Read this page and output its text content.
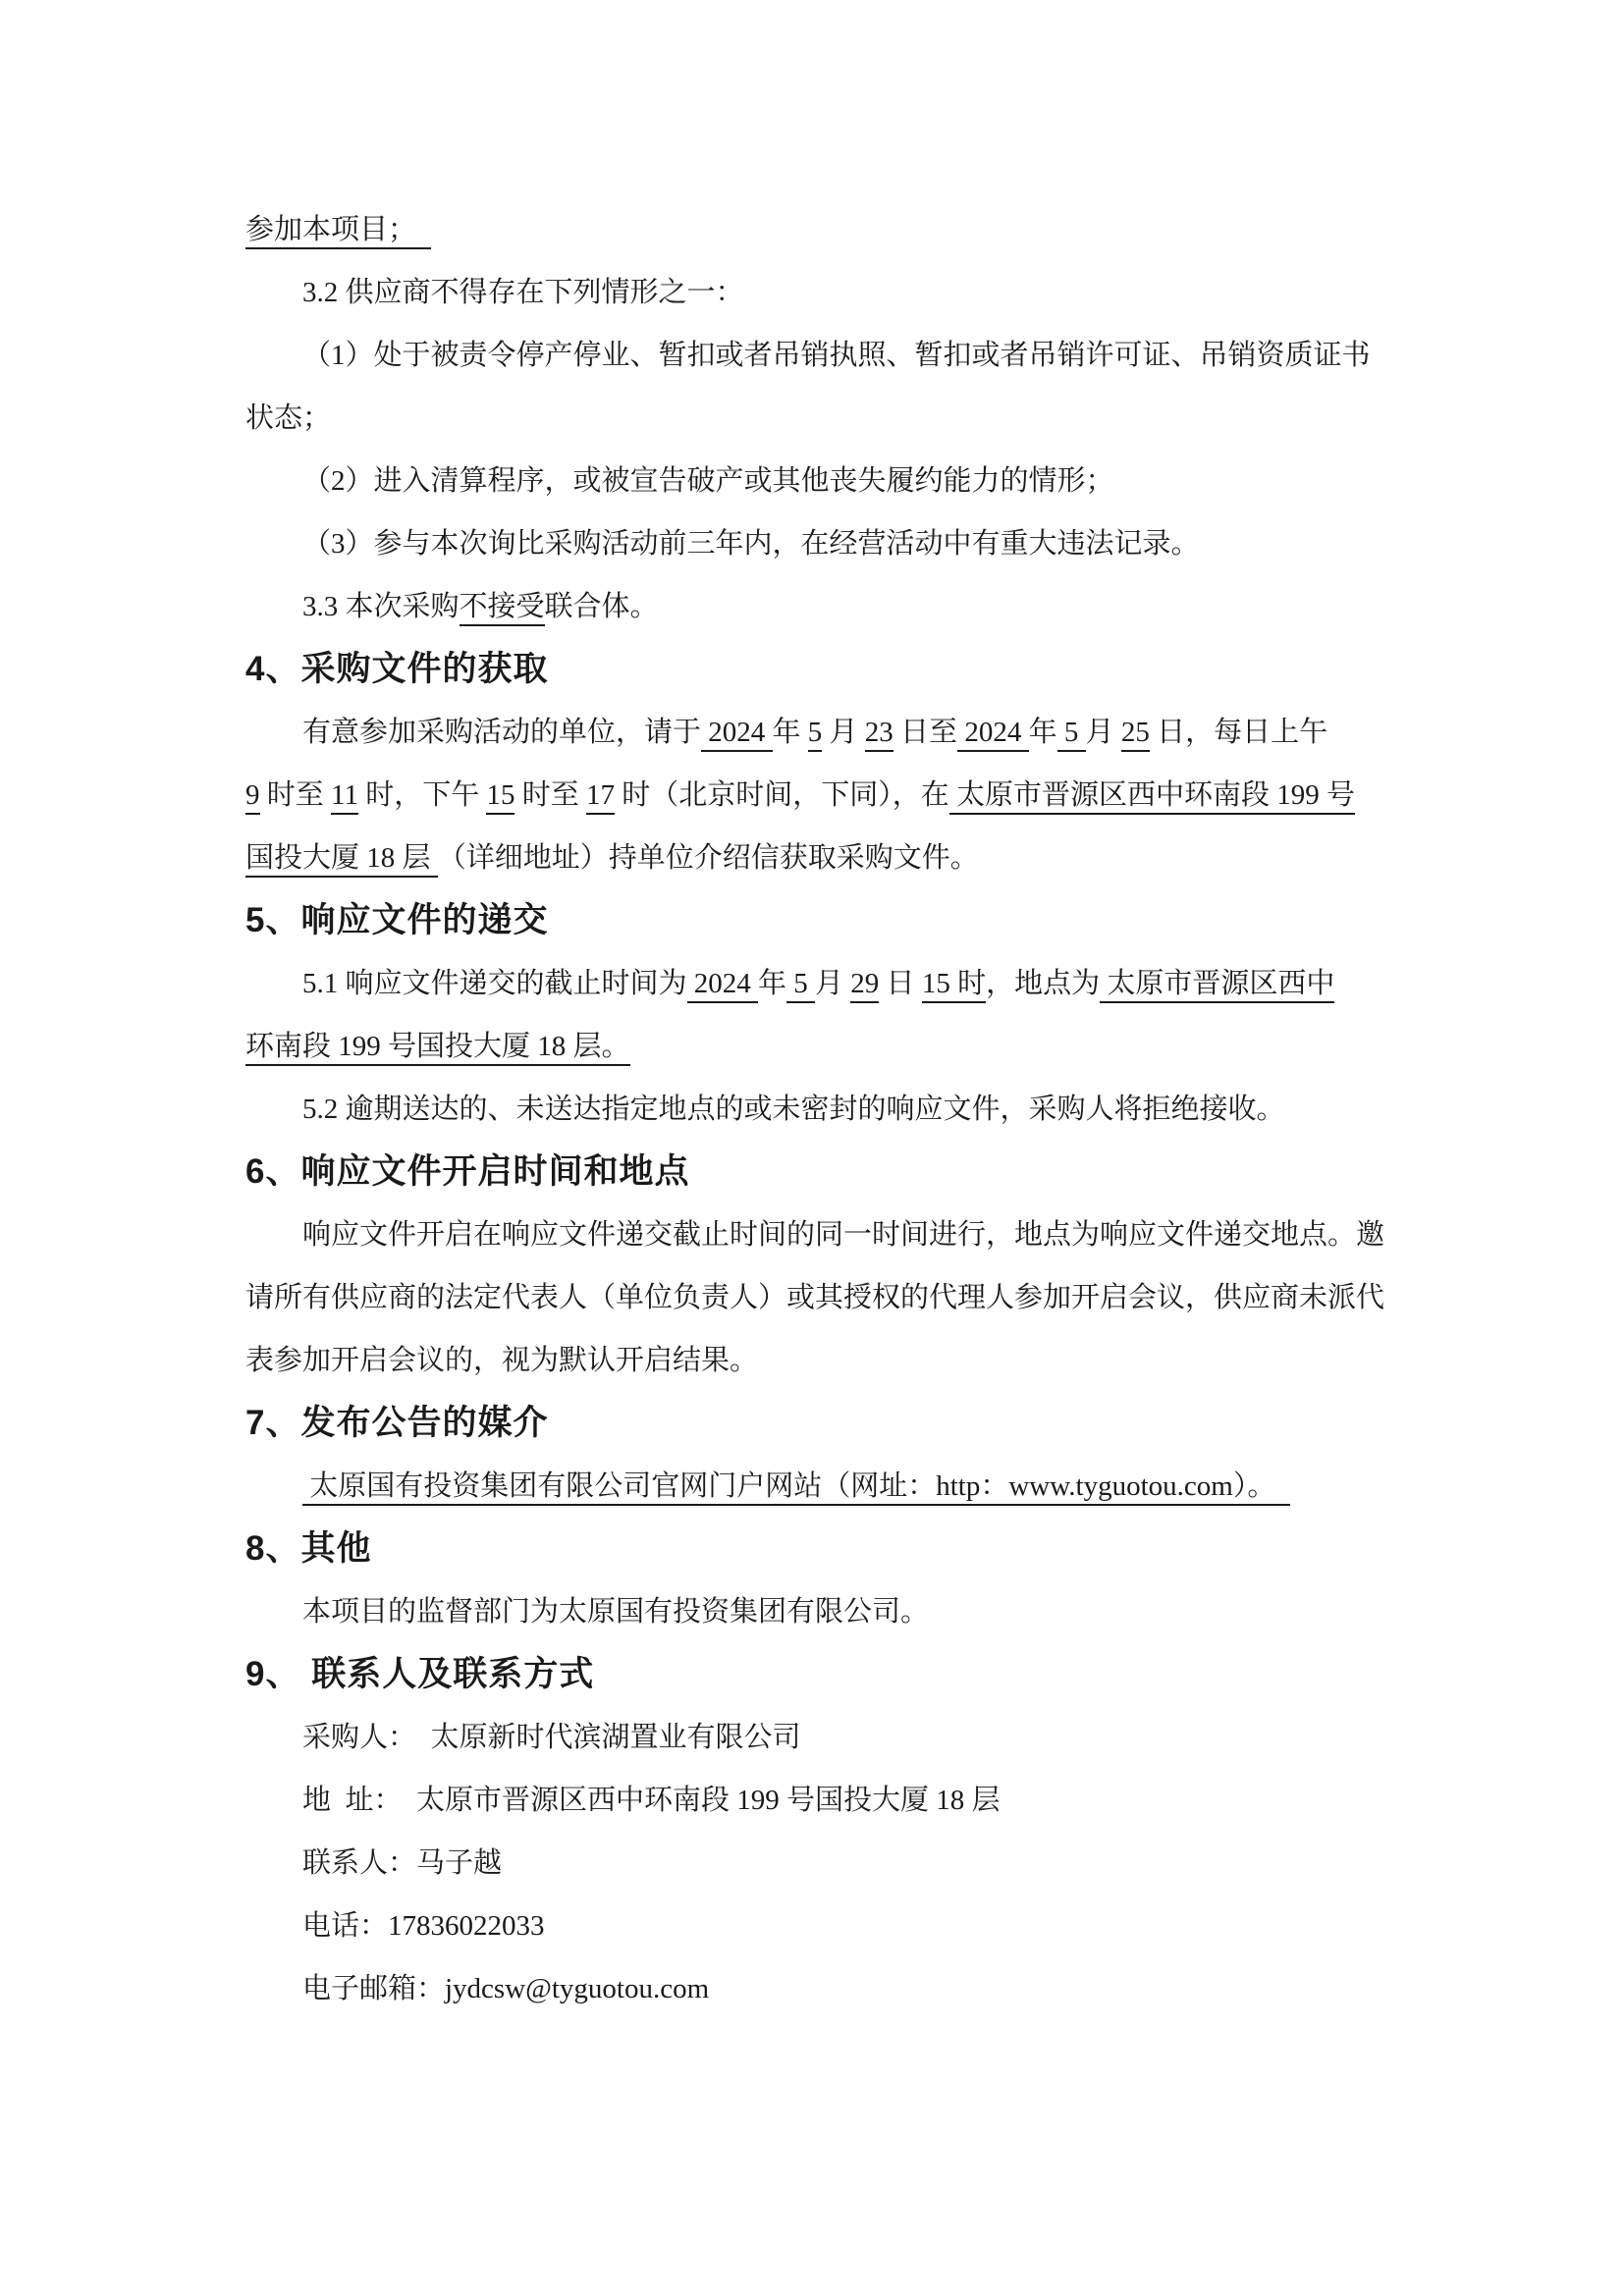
参加本项目；
3.2 供应商不得存在下列情形之一：
（1）处于被责令停产停业、暂扣或者吊销执照、暂扣或者吊销许可证、吊销资质证书
状态；
（2）进入清算程序，或被宣告破产或其他丧失履约能力的情形；
（3）参与本次询比采购活动前三年内，在经营活动中有重大违法记录。
3.3 本次采购不接受联合体。
4、采购文件的获取
有意参加采购活动的单位，请于 2024 年 5 月 23 日至 2024 年 5 月 25 日，每日上午
9 时至 11 时，下午 15 时至 17 时（北京时间，下同），在 太原市晋源区西中环南段 199 号
国投大厦 18 层 （详细地址）持单位介绍信获取采购文件。
5、响应文件的递交
5.1 响应文件递交的截止时间为 2024 年 5 月 29 日 15 时，地点为 太原市晋源区西中
环南段 199 号国投大厦 18 层。
5.2 逾期送达的、未送达指定地点的或未密封的响应文件，采购人将拒绝接收。
6、响应文件开启时间和地点
响应文件开启在响应文件递交截止时间的同一时间进行，地点为响应文件递交地点。邀
请所有供应商的法定代表人（单位负责人）或其授权的代理人参加开启会议，供应商未派代
表参加开启会议的，视为默认开启结果。
7、发布公告的媒介
太原国有投资集团有限公司官网门户网站（网址：http：www.tyguotou.com）。
8、其他
本项目的监督部门为太原国有投资集团有限公司。
9、 联系人及联系方式
采购人：  太原新时代滨湖置业有限公司
地  址：  太原市晋源区西中环南段 199 号国投大厦 18 层
联系人：马子越
电话：17836022033
电子邮箱：jydcsw@tyguotou.com
